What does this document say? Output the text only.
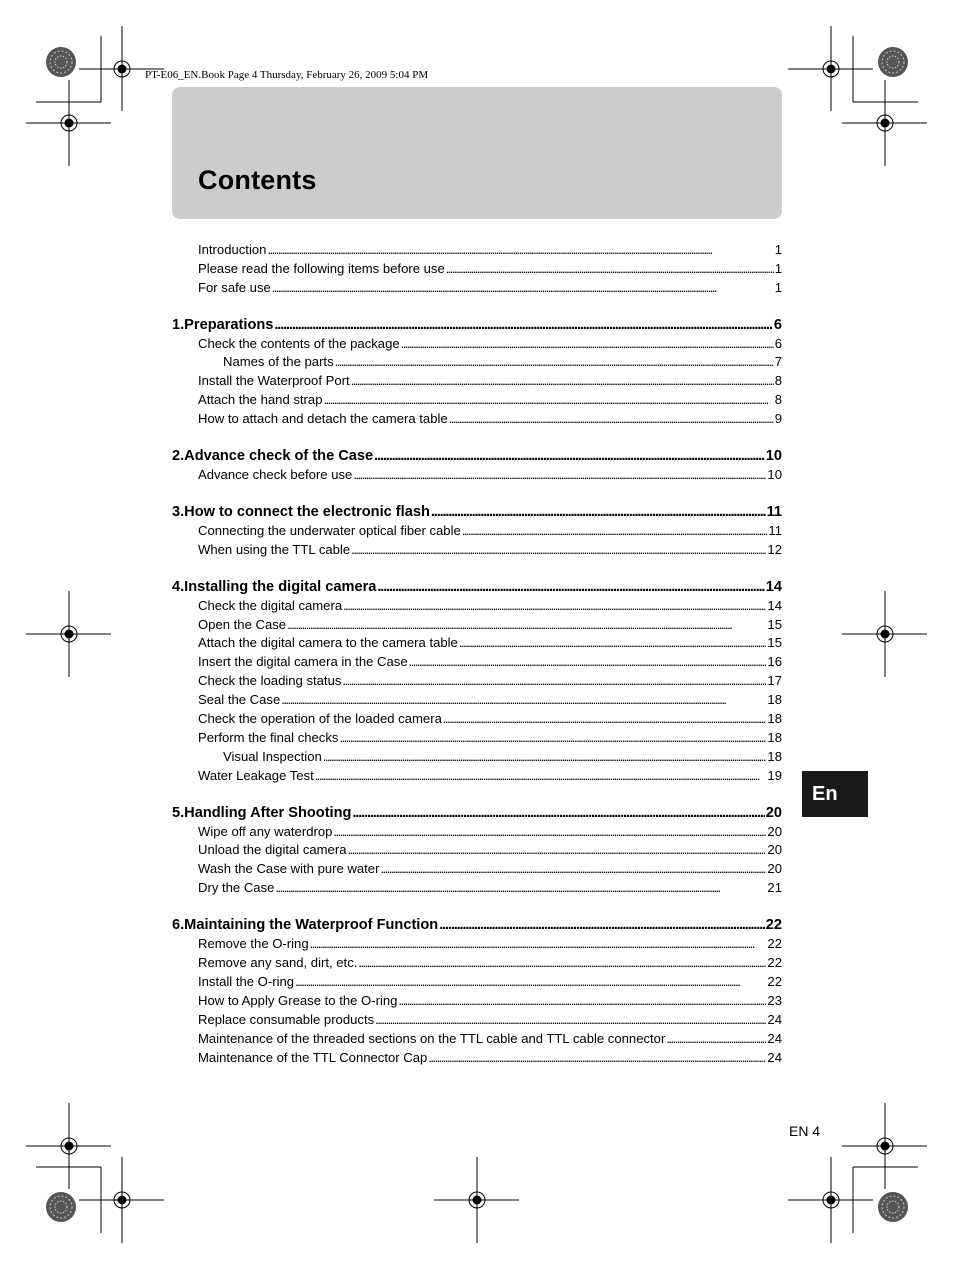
PT-E06_EN.Book Page 4 Thursday, February 26, 2009 5:04 PM
Contents
Introduction . . .	1
Please read the following items before use . . .	1
For safe use . . .	1
1.Preparations . . .	6
Check the contents of the package . . .	6
Names of the parts . . .	7
Install the Waterproof Port . . .	8
Attach the hand strap . . .	8
How to attach and detach the camera table . . .	9
2.Advance check of the Case . . .	10
Advance check before use . . .	10
3.How to connect the electronic flash . . .	11
Connecting the underwater optical fiber cable . . .	11
When using the TTL cable . . .	12
4.Installing the digital camera . . .	14
Check the digital camera . . .	14
Open the Case . . .	15
Attach the digital camera to the camera table . . .	15
Insert the digital camera in the Case . . .	16
Check the loading status . . .	17
Seal the Case . . .	18
Check the operation of the loaded camera . . .	18
Perform the final checks . . .	18
Visual Inspection . . .	18
Water Leakage Test . . .	19
5.Handling After Shooting . . .	20
Wipe off any waterdrop . . .	20
Unload the digital camera . . .	20
Wash the Case with pure water . . .	20
Dry the Case . . .	21
6.Maintaining the Waterproof Function . . .	22
Remove the O-ring . . .	22
Remove any sand, dirt, etc. . . .	22
Install the O-ring . . .	22
How to Apply Grease to the O-ring . . .	23
Replace consumable products . . .	24
Maintenance of the threaded sections on the TTL cable and TTL cable connector . . .	24
Maintenance of the TTL Connector Cap . . .	24
En
EN 4
